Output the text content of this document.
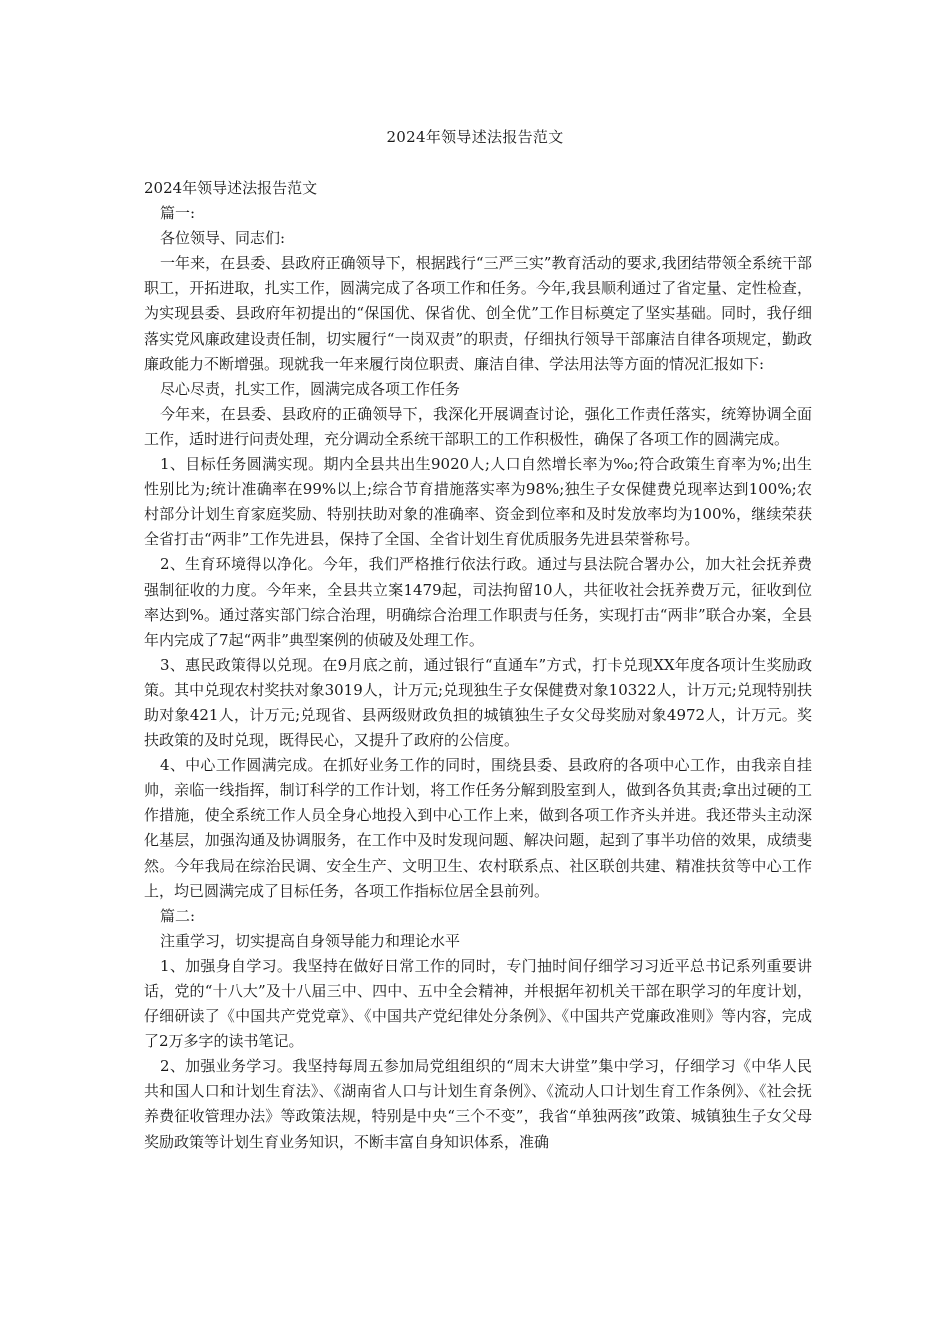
2024年领导述法报告范文

2024年领导述法报告范文

篇一:

各位领导、同志们:

一年来，在县委、县政府正确领导下，根据践行“三严三实”教育活动的要求,我团结带领全系统干部职工，开拓进取，扎实工作，圆满完成了各项工作和任务。今年,我县顺利通过了省定量、定性检查，为实现县委、县政府年初提出的“保国优、保省优、创全优”工作目标奠定了坚实基础。同时，我仔细落实党风廉政建设责任制，切实履行“一岗双责”的职责，仔细执行领导干部廉洁自律各项规定，勤政廉政能力不断增强。现就我一年来履行岗位职责、廉洁自律、学法用法等方面的情况汇报如下:

尽心尽责，扎实工作，圆满完成各项工作任务

今年来，在县委、县政府的正确领导下，我深化开展调查讨论，强化工作责任落实，统筹协调全面工作，适时进行问责处理，充分调动全系统干部职工的工作积极性，确保了各项工作的圆满完成。

1、目标任务圆满实现。期内全县共出生9020人;人口自然增长率为‰;符合政策生育率为%;出生性别比为;统计准确率在99%以上;综合节育措施落实率为98%;独生子女保健费兑现率达到100%;农村部分计划生育家庭奖励、特别扶助对象的准确率、资金到位率和及时发放率均为100%，继续荣获全省打击“两非”工作先进县，保持了全国、全省计划生育优质服务先进县荣誉称号。

2、生育环境得以净化。今年，我们严格推行依法行政。通过与县法院合署办公，加大社会抚养费强制征收的力度。今年来，全县共立案1479起，司法拘留10人，共征收社会抚养费万元，征收到位率达到%。通过落实部门综合治理，明确综合治理工作职责与任务，实现打击“两非”联合办案，全县年内完成了7起“两非”典型案例的侦破及处理工作。

3、惠民政策得以兑现。在9月底之前，通过银行“直通车”方式，打卡兑现XX年度各项计生奖励政策。其中兑现农村奖扶对象3019人，计万元;兑现独生子女保健费对象10322人，计万元;兑现特别扶助对象421人，计万元;兑现省、县两级财政负担的城镇独生子女父母奖励对象4972人，计万元。奖扶政策的及时兑现，既得民心，又提升了政府的公信度。

4、中心工作圆满完成。在抓好业务工作的同时，围绕县委、县政府的各项中心工作，由我亲自挂帅，亲临一线指挥，制订科学的工作计划，将工作任务分解到股室到人，做到各负其责;拿出过硬的工作措施，使全系统工作人员全身心地投入到中心工作上来，做到各项工作齐头并进。我还带头主动深化基层，加强沟通及协调服务，在工作中及时发现问题、解决问题，起到了事半功倍的效果，成绩斐然。今年我局在综治民调、安全生产、文明卫生、农村联系点、社区联创共建、精准扶贫等中心工作上，均已圆满完成了目标任务，各项工作指标位居全县前列。

篇二:

注重学习，切实提高自身领导能力和理论水平

1、加强身自学习。我坚持在做好日常工作的同时，专门抽时间仔细学习习近平总书记系列重要讲话，党的“十八大”及十八届三中、四中、五中全会精神，并根据年初机关干部在职学习的年度计划，仔细研读了《中国共产党党章》、《中国共产党纪律处分条例》、《中国共产党廉政准则》等内容，完成了2万多字的读书笔记。

2、加强业务学习。我坚持每周五参加局党组组织的“周末大讲堂”集中学习，仔细学习《中华人民共和国人口和计划生育法》、《湖南省人口与计划生育条例》、《流动人口计划生育工作条例》、《社会抚养费征收管理办法》等政策法规，特别是中央“三个不变”，我省“单独两孩”政策、城镇独生子女父母奖励政策等计划生育业务知识，不断丰富自身知识体系，准确
